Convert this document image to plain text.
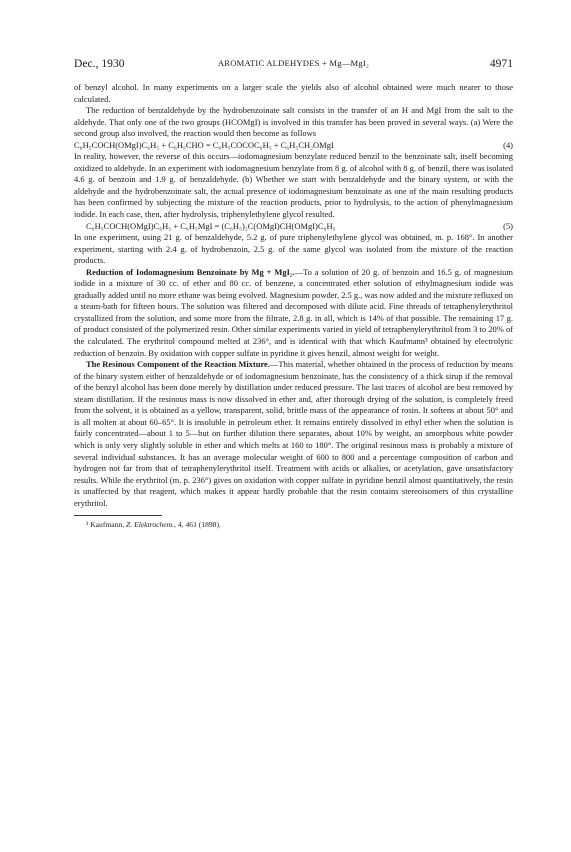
Dec., 1930	AROMATIC ALDEHYDES + Mg—MgI₂	4971

of benzyl alcohol. In many experiments on a larger scale the yields also of alcohol obtained were much nearer to those calculated.

The reduction of benzaldehyde by the hydrobenzoinate salt consists in the transfer of an H and MgI from the salt to the aldehyde. That only one of the two groups (HCOMgI) is involved in this transfer has been proved in several ways. (a) Were the second group also involved, the reaction would then become as follows

(4)
C₆H₅COCH(OMgI)C₆H₅ + C₆H₅CHO = C₆H₅COCOC₆H₅ + C₆H₅CH₂OMgI

In reality, however, the reverse of this occurs—iodomagnesium benzylate reduced benzil to the benzoinate salt, itself becoming oxidized to aldehyde. In an experiment with iodomagnesium benzylate from 8 g. of alcohol with 8 g. of benzil, there was isolated 4.6 g. of benzoin and 1.9 g. of benzaldehyde. (b) Whether we start with benzaldehyde and the binary system, or with the aldehyde and the hydrobenzoinate salt, the actual presence of iodomagnesium benzoinate as one of the main resulting products has been confirmed by subjecting the mixture of the reaction products, prior to hydrolysis, to the action of phenylmagnesium iodide. In each case, then, after hydrolysis, triphenylethylene glycol resulted.

(5)
C₆H₅COCH(OMgI)C₆H₅ + C₆H₅MgI = (C₆H₅)₂C(OMgI)CH(OMgI)C₆H₅

In one experiment, using 21 g. of benzaldehyde, 5.2 g. of pure triphenylethylene glycol was obtained, m. p. 168°. In another experiment, starting with 2.4 g. of hydrobenzoin, 2.5 g. of the same glycol was isolated from the mixture of the reaction products.

Reduction of Iodomagnesium Benzoinate by Mg + MgI₂.—To a solution of 20 g. of benzoin and 16.5 g. of magnesium iodide in a mixture of 30 cc. of ether and 80 cc. of benzene, a concentrated ether solution of ethylmagnesium iodide was gradually added until no more ethane was being evolved. Magnesium powder, 2.5 g., was now added and the mixture refluxed on a steam-bath for fifteen hours. The solution was filtered and decomposed with dilute acid. Fine threads of tetraphenylerythritol crystallized from the solution, and some more from the filtrate, 2.8 g. in all, which is 14% of that possible. The remaining 17 g. of product consisted of the polymerized resin. Other similar experiments varied in yield of tetraphenylerythritol from 3 to 20% of the calculated. The erythritol compound melted at 236°, and is identical with that which Kaufmann³ obtained by electrolytic reduction of benzoin. By oxidation with copper sulfate in pyridine it gives benzil, almost weight for weight.

The Resinous Component of the Reaction Mixture.—This material, whether obtained in the process of reduction by means of the binary system either of benzaldehyde or of iodomagnesium benzoinate, has the consistency of a thick sirup if the removal of the benzyl alcohol has been done merely by distillation under reduced pressure. The last traces of alcohol are best removed by steam distillation. If the resinous mass is now dissolved in ether and, after thorough drying of the solution, is completely freed from the solvent, it is obtained as a yellow, transparent, solid, brittle mass of the appearance of rosin. It softens at about 50° and is all molten at about 60–65°. It is insoluble in petroleum ether. It remains entirely dissolved in ethyl ether when the solution is fairly concentrated—about 1 to 5—but on further dilution there separates, about 10% by weight, an amorphous white powder which is only very slightly soluble in ether and which melts at 160 to 180°. The original resinous mass is probably a mixture of several individual substances. It has an average molecular weight of 600 to 800 and a percentage composition of carbon and hydrogen not far from that of tetraphenylerythritol itself. Treatment with acids or alkalies, or acetylation, gave unsatisfactory results. While the erythritol (m. p. 236°) gives on oxidation with copper sulfate in pyridine benzil almost quantitatively, the resin is unaffected by that reagent, which makes it appear hardly probable that the resin contains stereoisomers of this crystalline erythritol.

³ Kaufmann, Z. Elektrochem., 4, 461 (1898).
